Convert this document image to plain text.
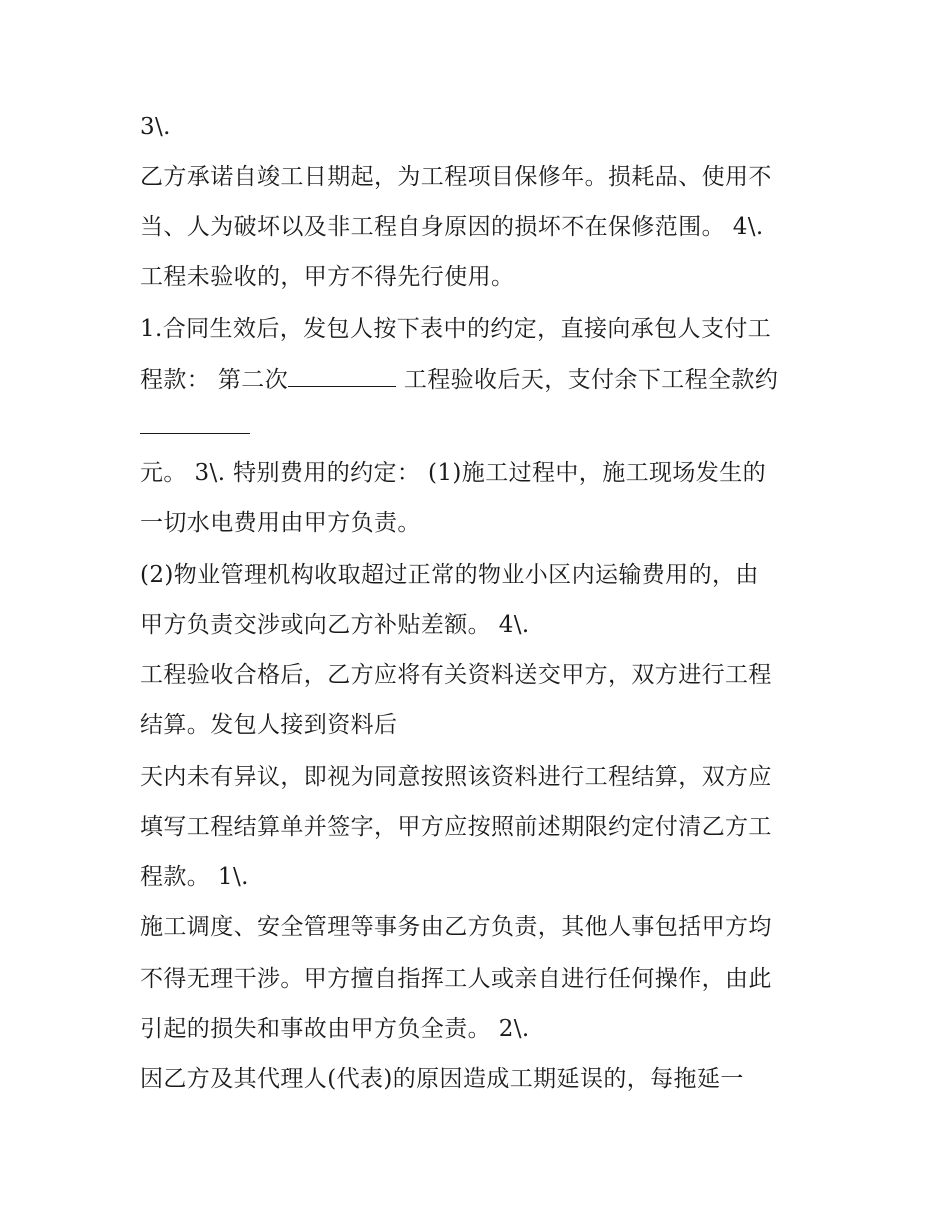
3\.
乙方承诺自竣工日期起，为工程项目保修年。损耗品、使用不
当、人为破坏以及非工程自身原因的损坏不在保修范围。 4\.
工程未验收的，甲方不得先行使用。
1.合同生效后，发包人按下表中的约定，直接向承包人支付工
程款： 第二次	工程验收后天，支付余下工程全款约
元。 3\. 特别费用的约定： (1)施工过程中，施工现场发生的
一切水电费用由甲方负责。
(2)物业管理机构收取超过正常的物业小区内运输费用的，由
甲方负责交涉或向乙方补贴差额。 4\.
工程验收合格后，乙方应将有关资料送交甲方，双方进行工程
结算。发包人接到资料后
天内未有异议，即视为同意按照该资料进行工程结算，双方应
填写工程结算单并签字，甲方应按照前述期限约定付清乙方工
程款。 1\.
施工调度、安全管理等事务由乙方负责，其他人事包括甲方均
不得无理干涉。甲方擅自指挥工人或亲自进行任何操作，由此
引起的损失和事故由甲方负全责。 2\.
因乙方及其代理人(代表)的原因造成工期延误的，每拖延一
